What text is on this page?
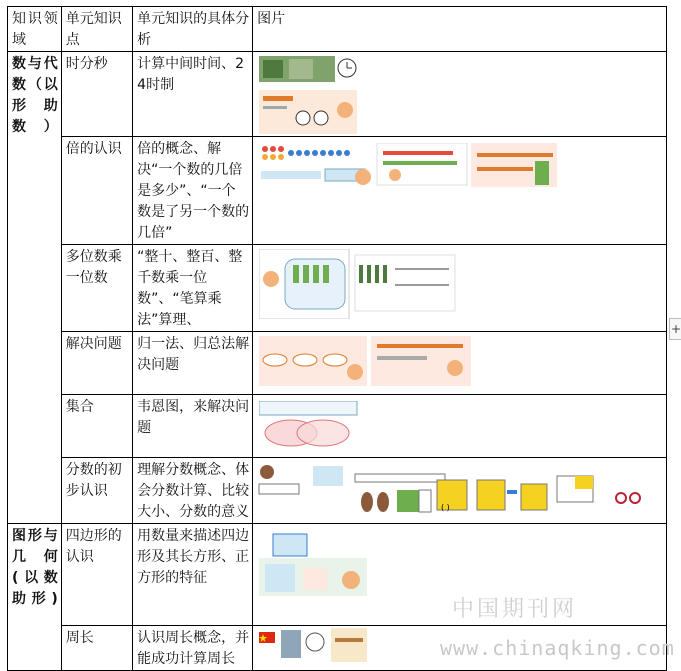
知识领域	单元知识点	单元知识的具体分析	图片
数与代数（以形助数）	时分秒	计算中间时间、24时制	

	倍的认识	倍的概念、解决“一个数的几倍是多少”、“一个数是了另一个数的几倍”	

	多位数乘一位数	“整十、整百、整千数乘一位数”、“笔算乘法”算理、	

	解决问题	归一法、归总法解决问题	

	集合	韦恩图，来解决问题	

	分数的初步认识	理解分数概念、体会分数计算、比较大小、分数的意义	( )

图形与几何(以数助形)	四边形的认识	用数量来描述四边形及其长方形、正方形的特征	

	周长	认识周长概念，并能成功计算周长	
+
中国期刊网
www.chinaqking.com
